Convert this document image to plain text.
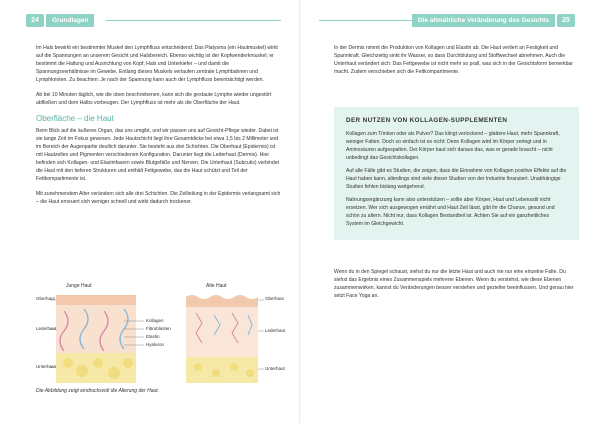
24	Grundlagen	Die allmähliche Veränderung des Gesichts	25

Im Hals bewirkt ein bestimmter Muskel den Lymphfluss entscheidend. Das Platysma (ein Hautmuskel) wirkt auf die Spannungen an unserem Gesicht und Halsbereich. Ebenso wichtig ist der Kopfwenderkmuskel; er bestimmt die Haltung und Ausrichtung von Kopf, Hals und Unterkiefer – und damit die Spannungsverhältnisse im Gewebe. Entlang dieses Muskels verlaufen zentrale Lymphbahnen und Lymphknoten. Zu beachten: Je nach der Spannung kann auch der Lymphfluss beeinträchtigt werden.

Ab bei 10 Minuten täglich, wie die oben beschriebenen, kann sich die gestaute Lymphe wieder ungestört abfließen und dem Halbs vorbeugen. Der Lymphfluss ist mehr als die Oberfläche der Haut.

Oberfläche – die Haut

Beim Blick auf die äußeres Organ, das uns umgibt, und wir passen uns auf Gesicht-Pflege wieder. Dabei ist sie lange Zeit im Fokus gewesen. Jede Hautschicht liegt ihre Gesamtdicke bei etwa 1,5 bis 2 Millimeter und im Bereich der Augenpartie deutlich darunter. Sie besteht aus drei Schichten. Die Oberhaut (Epidermis) ist mit Hautzellen und Pigmenten verschiedenen Konfiguration. Darunter liegt die Lederhaut (Dermis). Hier befinden sich Kollagen- und Elastinfasern sowie Blutgefäße und Nerven. Die Unterhaut (Subcutis) verbindet die Haut mit den tieferen Strukturen und enthält Fettgewebe, das die Haut schützt und Teil der Fettkompartimente ist.

Mit zunehmendem Alter verändern sich alle drei Schichten. Die Zellteilung in der Epidermis verlangsamt sich – die Haut erneuert sich weniger schnell und wirkt dadurch trockener.

Junge Haut	Alte Haut
Oberhaut
Lederhaut
Unterhaut
Oberhaut
Lederhaut
Unterhaut
Kollagen
Fibroblasten
Elastin
Hyaluron
Die Abbildung zeigt eindrucksvoll die Alterung der Haut.

In der Dermis nimmt die Produktion von Kollagen und Elastin ab. Die Haut verliert an Festigkeit und Spannkraft. Gleichzeitig sinkt ihr Wasser, so dass Durchblutung und Stoffwechsel abnehmen. Auch die Unterhaut verändert sich: Das Fettgewebe ist nicht mehr so prall, was sich in der Gesichtsform bemerkbar macht. Zudem verschieben sich die Fettkompartimente.

DER NUTZEN VON KOLLAGEN-SUPPLEMENTEN

Kollagen zum Trinken oder als Pulver? Das klingt verlockend – glattere Haut, mehr Spannkraft, weniger Falten. Doch so einfach ist es nicht: Denn Kollagen wird im Körper zerlegt und in Aminosäuren aufgespalten. Der Körper baut sich daraus das, was er gerade braucht – nicht unbedingt das Gesichtskollagen.

Auf alle Fälle gibt es Studien, die zeigen, dass die Einnahme von Kollagen positive Effekte auf die Haut haben kann, allerdings sind viele dieser Studien von der Industrie finanziert. Unabhängige Studien fehlen bislang weitgehend.

Nahrungsergänzung kann also unterstützen – sollte aber Körper, Haut und Lebensstil nicht ersetzen. Wer sich ausgewogen ernährt und Haut Zeit lässt, gibt ihr die Chance, gesund und schön zu altern. Nicht nur, dass Kollagen Bestandteil ist. Achten Sie auf ein ganzheitliches System im Gleichgewicht.

Wenn du in den Spiegel schaust, siehst du nur die letzte Haut und auch nie nur eine einzelne Falte. Du siehst das Ergebnis eines Zusammenspiels mehrerer Ebenen. Wenn du verstehst, wie diese Ebenen zusammenwirken, kannst du Veränderungen besser verstehen und gezielter beeinflussen. Und genau hier setzt Face Yoga an.
